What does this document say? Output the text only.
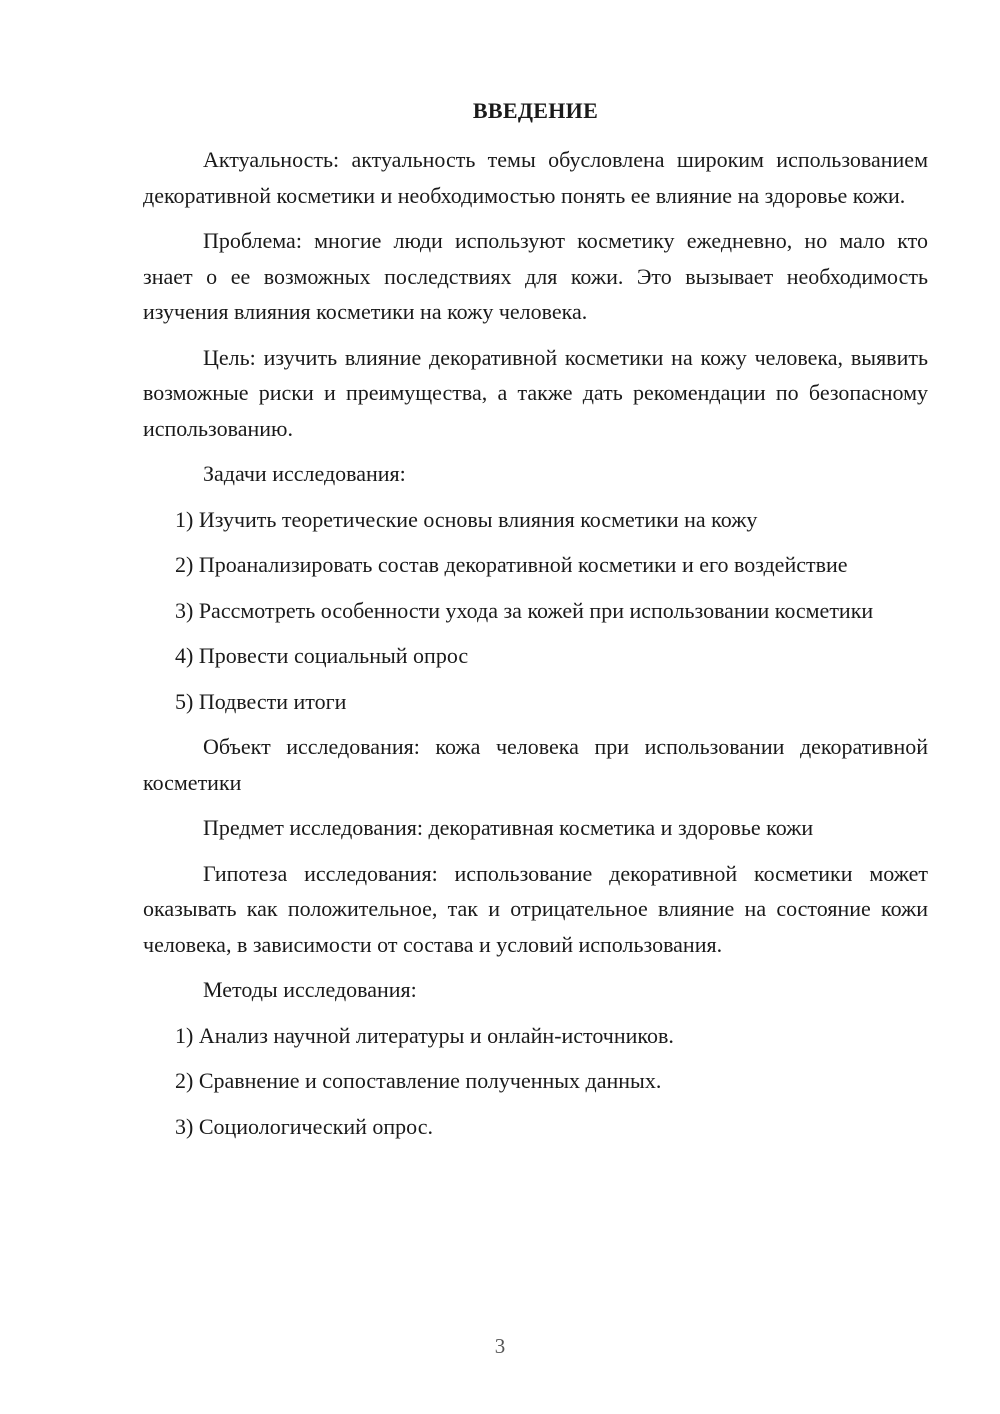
ВВЕДЕНИЕ

Актуальность: актуальность темы обусловлена широким использованием декоративной косметики и необходимостью понять ее влияние на здоровье кожи.

Проблема: многие люди используют косметику ежедневно, но мало кто знает о ее возможных последствиях для кожи. Это вызывает необходимость изучения влияния косметики на кожу человека.

Цель: изучить влияние декоративной косметики на кожу человека, выявить возможные риски и преимущества, а также дать рекомендации по безопасному использованию.

Задачи исследования:

1) Изучить теоретические основы влияния косметики на кожу

2) Проанализировать состав декоративной косметики и его воздействие

3) Рассмотреть особенности ухода за кожей при использовании косметики

4) Провести социальный опрос

5) Подвести итоги

Объект исследования: кожа человека при использовании декоративной косметики

Предмет исследования: декоративная косметика и здоровье кожи

Гипотеза исследования: использование декоративной косметики может оказывать как положительное, так и отрицательное влияние на состояние кожи человека, в зависимости от состава и условий использования.

Методы исследования:

1) Анализ научной литературы и онлайн-источников.

2) Сравнение и сопоставление полученных данных.

3) Социологический опрос.

3
